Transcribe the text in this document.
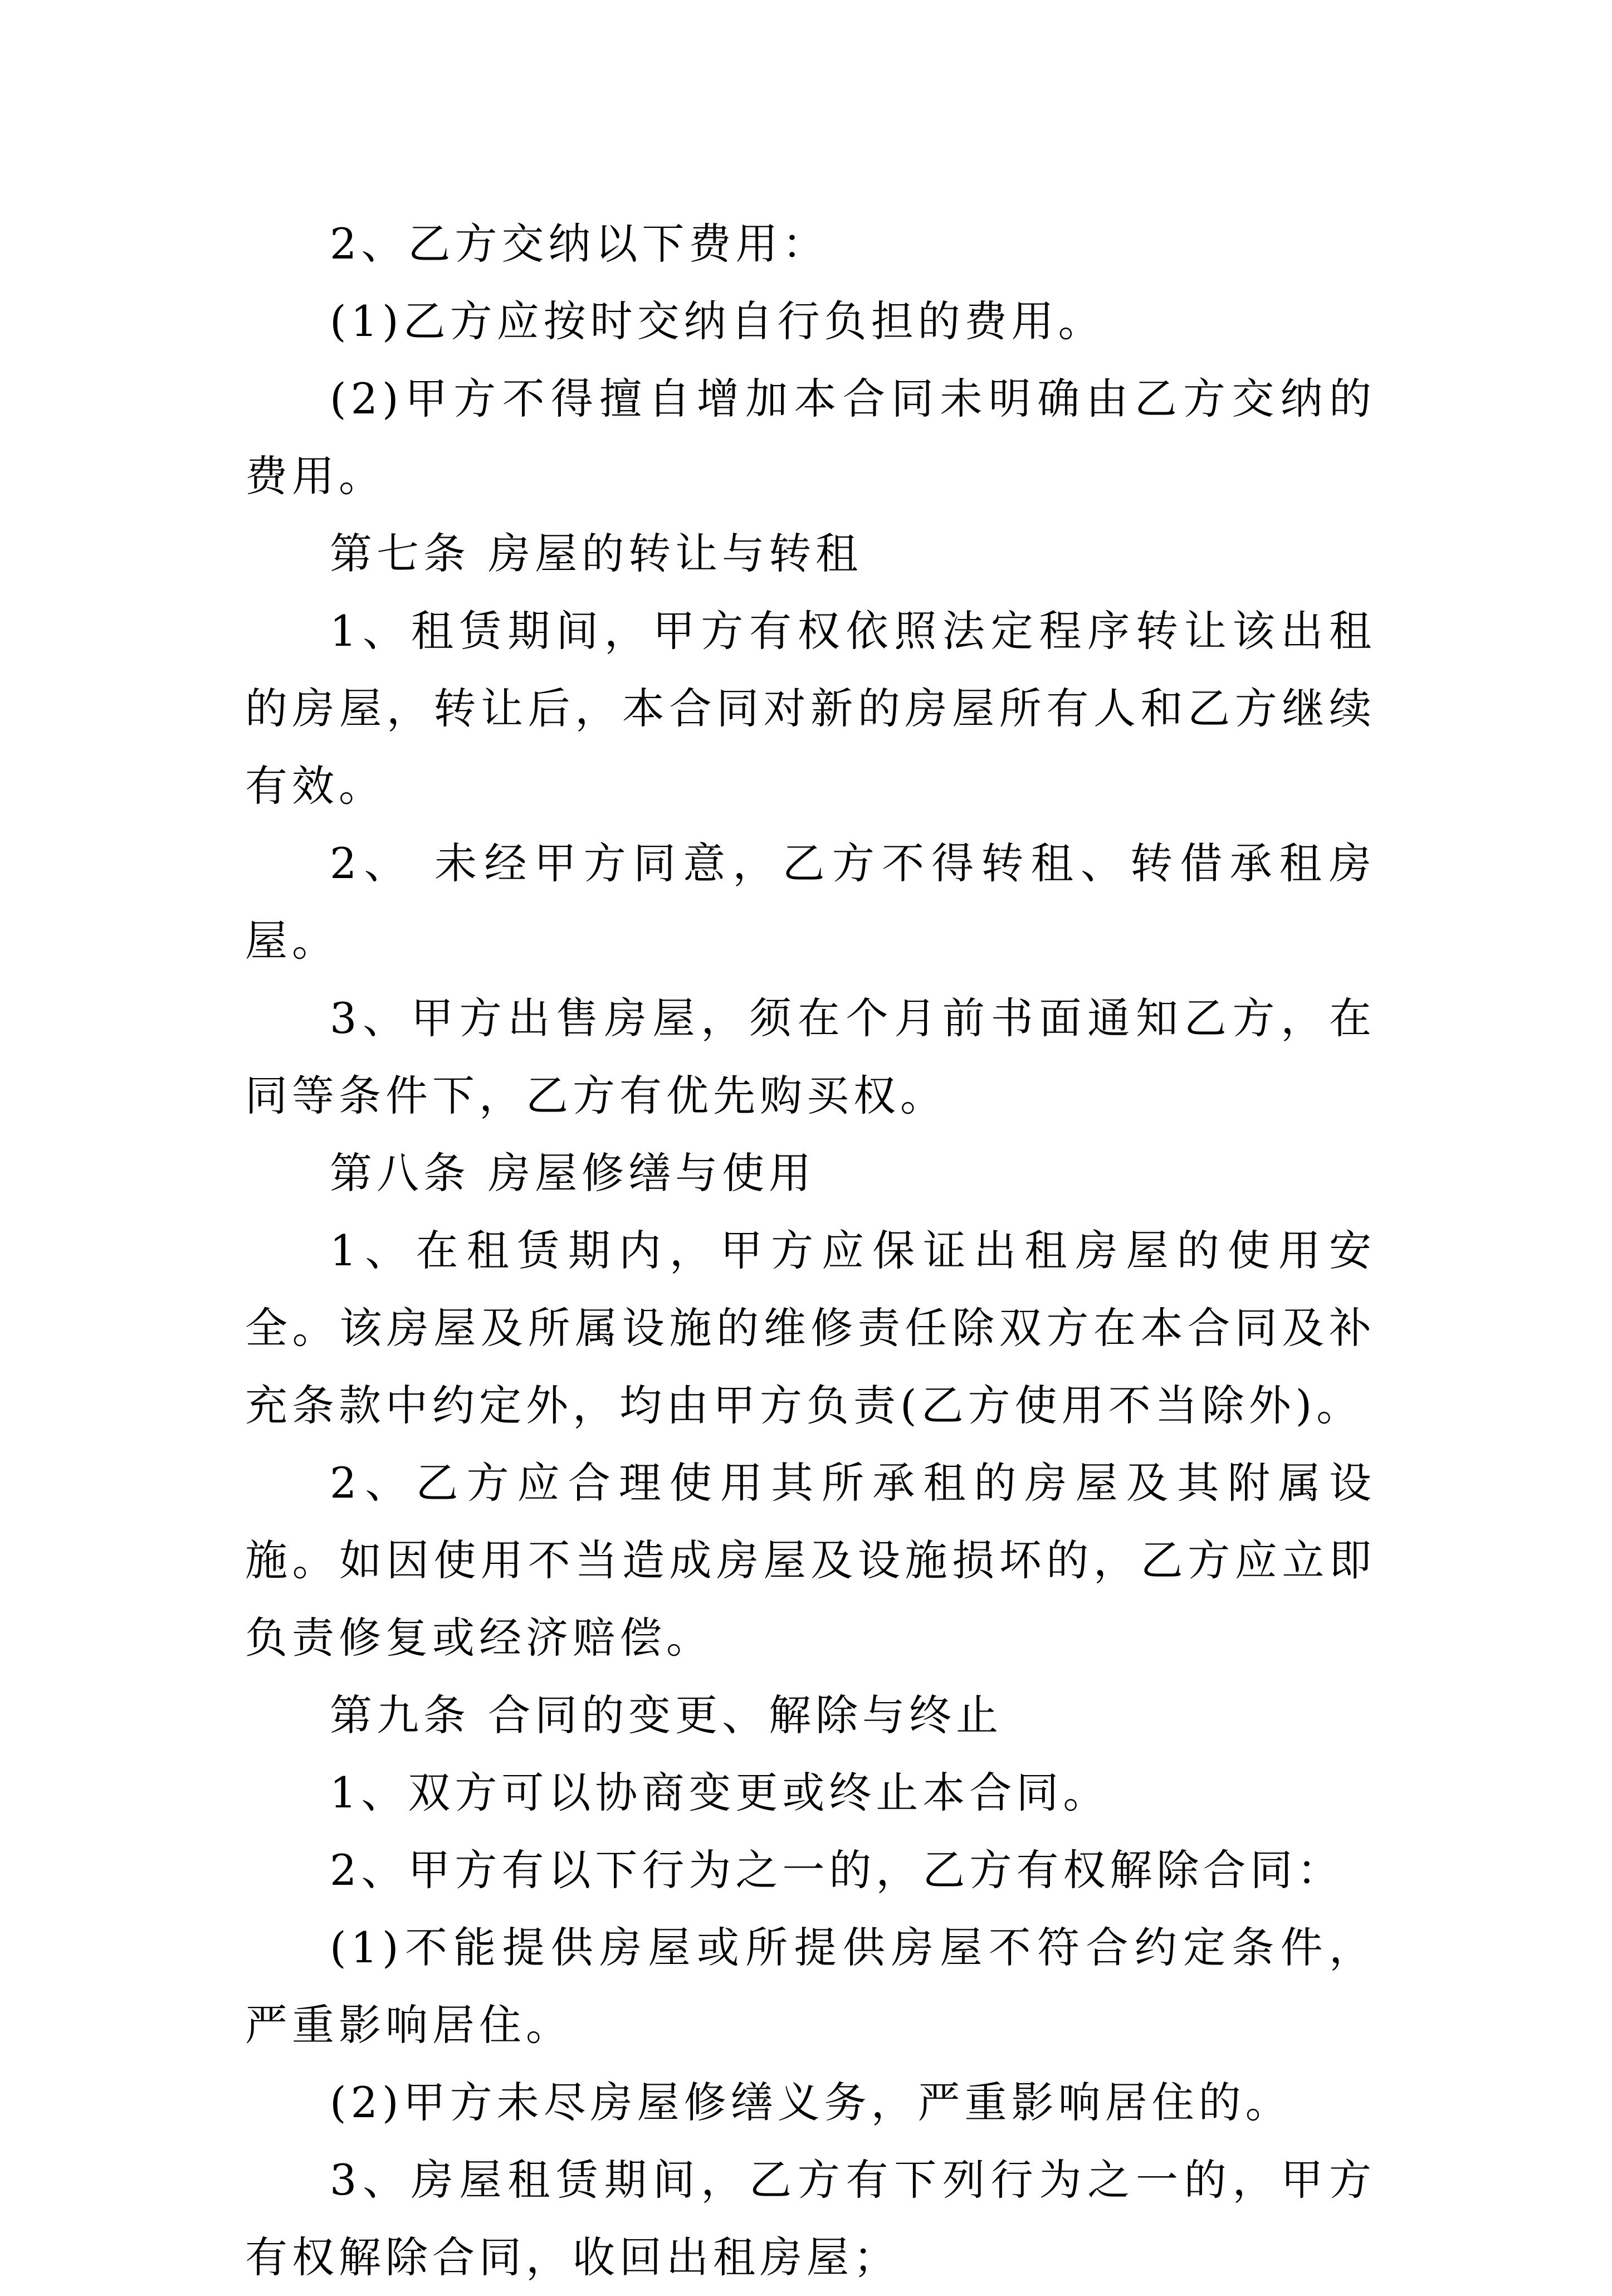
2、乙方交纳以下费用：

(1)乙方应按时交纳自行负担的费用。

(2)甲方不得擅自增加本合同未明确由乙方交纳的费用。

第七条 房屋的转让与转租

1、租赁期间，甲方有权依照法定程序转让该出租的房屋，转让后，本合同对新的房屋所有人和乙方继续有效。

2、 未经甲方同意，乙方不得转租、转借承租房屋。

3、甲方出售房屋，须在个月前书面通知乙方，在同等条件下，乙方有优先购买权。

第八条 房屋修缮与使用

1、在租赁期内，甲方应保证出租房屋的使用安全。该房屋及所属设施的维修责任除双方在本合同及补充条款中约定外，均由甲方负责(乙方使用不当除外)。

2、乙方应合理使用其所承租的房屋及其附属设施。如因使用不当造成房屋及设施损坏的，乙方应立即负责修复或经济赔偿。

第九条 合同的变更、解除与终止

1、双方可以协商变更或终止本合同。

2、甲方有以下行为之一的，乙方有权解除合同：

(1)不能提供房屋或所提供房屋不符合约定条件，严重影响居住。

(2)甲方未尽房屋修缮义务，严重影响居住的。

3、房屋租赁期间，乙方有下列行为之一的，甲方有权解除合同，收回出租房屋；
